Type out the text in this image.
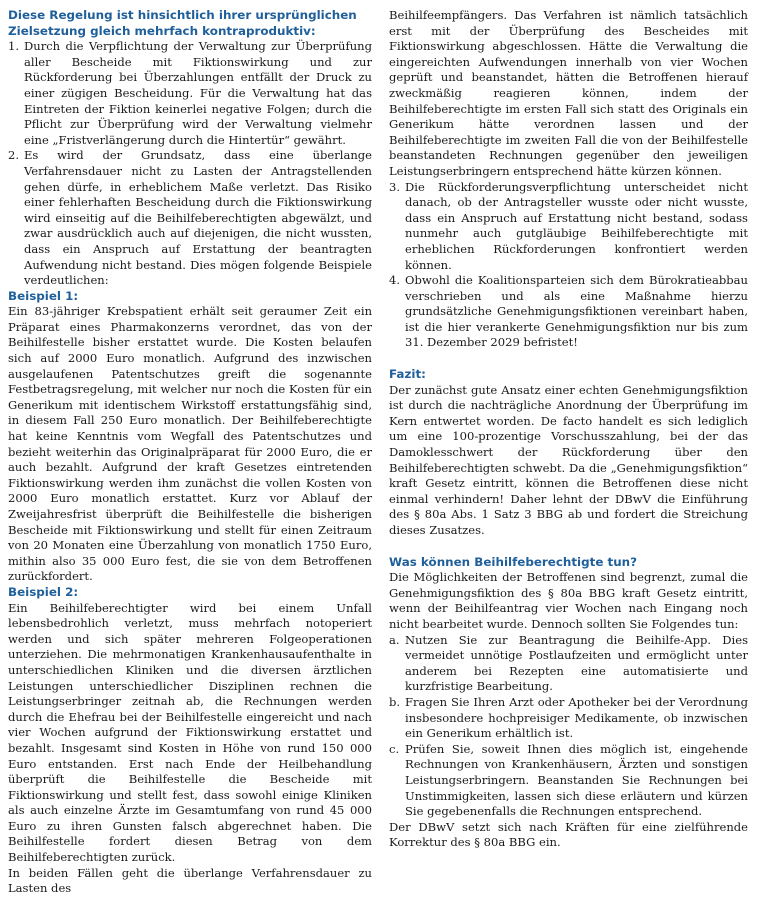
Diese Regelung ist hinsichtlich ihrer ursprünglichen Zielsetzung gleich mehrfach kontraproduktiv:
1. Durch die Verpflichtung der Verwaltung zur Überprüfung aller Bescheide mit Fiktionswirkung und zur Rückforderung bei Überzahlungen entfällt der Druck zu einer zügigen Bescheidung. Für die Verwaltung hat das Eintreten der Fiktion keinerlei negative Folgen; durch die Pflicht zur Überprüfung wird der Verwaltung vielmehr eine „Fristverlängerung durch die Hintertür“ gewährt.
2. Es wird der Grundsatz, dass eine überlange Verfahrensdauer nicht zu Lasten der Antragstellenden gehen dürfe, in erheblichem Maße verletzt. Das Risiko einer fehlerhaften Bescheidung durch die Fiktionswirkung wird einseitig auf die Beihilfeberechtigten abgewälzt, und zwar ausdrücklich auch auf diejenigen, die nicht wussten, dass ein Anspruch auf Erstattung der beantragten Aufwendung nicht bestand. Dies mögen folgende Beispiele verdeutlichen:
Beispiel 1:

Ein 83-jähriger Krebspatient erhält seit geraumer Zeit ein Präparat eines Pharmakonzerns verordnet, das von der Beihilfestelle bisher erstattet wurde. Die Kosten belaufen sich auf 2000 Euro monatlich. Aufgrund des inzwischen ausgelaufenen Patentschutzes greift die sogenannte Festbetragsregelung, mit welcher nur noch die Kosten für ein Generikum mit identischem Wirkstoff erstattungsfähig sind, in diesem Fall 250 Euro monatlich. Der Beihilfeberechtigte hat keine Kenntnis vom Wegfall des Patentschutzes und bezieht weiterhin das Originalpräparat für 2000 Euro, die er auch bezahlt. Aufgrund der kraft Gesetzes eintretenden Fiktionswirkung werden ihm zunächst die vollen Kosten von 2000 Euro monatlich erstattet. Kurz vor Ablauf der Zweijahresfrist überprüft die Beihilfestelle die bisherigen Bescheide mit Fiktionswirkung und stellt für einen Zeitraum von 20 Monaten eine Überzahlung von monatlich 1750 Euro, mithin also 35 000 Euro fest, die sie von dem Betroffenen zurückfordert.

Beispiel 2:

Ein Beihilfeberechtigter wird bei einem Unfall lebensbedrohlich verletzt, muss mehrfach notoperiert werden und sich später mehreren Folgeoperationen unterziehen. Die mehrmonatigen Krankenhausaufenthalte in unterschiedlichen Kliniken und die diversen ärztlichen Leistungen unterschiedlicher Disziplinen rechnen die Leistungserbringer zeitnah ab, die Rechnungen werden durch die Ehefrau bei der Beihilfestelle eingereicht und nach vier Wochen aufgrund der Fiktionswirkung erstattet und bezahlt. Insgesamt sind Kosten in Höhe von rund 150 000 Euro entstanden. Erst nach Ende der Heilbehandlung überprüft die Beihilfestelle die Bescheide mit Fiktionswirkung und stellt fest, dass sowohl einige Kliniken als auch einzelne Ärzte im Gesamtumfang von rund 45 000 Euro zu ihren Gunsten falsch abgerechnet haben. Die Beihilfestelle fordert diesen Betrag von dem Beihilfeberechtigten zurück.

In beiden Fällen geht die überlange Verfahrensdauer zu Lasten des

Beihilfeempfängers. Das Verfahren ist nämlich tatsächlich erst mit der Überprüfung des Bescheides mit Fiktionswirkung abgeschlossen. Hätte die Verwaltung die eingereichten Aufwendungen innerhalb von vier Wochen geprüft und beanstandet, hätten die Betroffenen hierauf zweckmäßig reagieren können, indem der Beihilfeberechtigte im ersten Fall sich statt des Originals ein Generikum hätte verordnen lassen und der Beihilfeberechtigte im zweiten Fall die von der Beihilfestelle beanstandeten Rechnungen gegenüber den jeweiligen Leistungserbringern entsprechend hätte kürzen können.

3. Die Rückforderungsverpflichtung unterscheidet nicht danach, ob der Antragsteller wusste oder nicht wusste, dass ein Anspruch auf Erstattung nicht bestand, sodass nunmehr auch gutgläubige Beihilfeberechtigte mit erheblichen Rückforderungen konfrontiert werden können.
4. Obwohl die Koalitionsparteien sich dem Bürokratieabbau verschrieben und als eine Maßnahme hierzu grundsätzliche Genehmigungsfiktionen vereinbart haben, ist die hier verankerte Genehmigungsfiktion nur bis zum 31. Dezember 2029 befristet!
Fazit:

Der zunächst gute Ansatz einer echten Genehmigungsfiktion ist durch die nachträgliche Anordnung der Überprüfung im Kern entwertet worden. De facto handelt es sich lediglich um eine 100-prozentige Vorschusszahlung, bei der das Damoklesschwert der Rückforderung über den Beihilfeberechtigten schwebt. Da die „Genehmigungsfiktion“ kraft Gesetz eintritt, können die Betroffenen diese nicht einmal verhindern! Daher lehnt der DBwV die Einführung des § 80a Abs. 1 Satz 3 BBG ab und fordert die Streichung dieses Zusatzes.

Was können Beihilfeberechtigte tun?

Die Möglichkeiten der Betroffenen sind begrenzt, zumal die Genehmigungsfiktion des § 80a BBG kraft Gesetz eintritt, wenn der Beihilfeantrag vier Wochen nach Eingang noch nicht bearbeitet wurde. Dennoch sollten Sie Folgendes tun:

a. Nutzen Sie zur Beantragung die Beihilfe-App. Dies vermeidet unnötige Postlaufzeiten und ermöglicht unter anderem bei Rezepten eine automatisierte und kurzfristige Bearbeitung.
b. Fragen Sie Ihren Arzt oder Apotheker bei der Verordnung insbesondere hochpreisiger Medikamente, ob inzwischen ein Generikum erhältlich ist.
c. Prüfen Sie, soweit Ihnen dies möglich ist, eingehende Rechnungen von Krankenhäusern, Ärzten und sonstigen Leistungserbringern. Beanstanden Sie Rechnungen bei Unstimmigkeiten, lassen sich diese erläutern und kürzen Sie gegebenenfalls die Rechnungen entsprechend.

Der DBwV setzt sich nach Kräften für eine zielführende Korrektur des § 80a BBG ein.
